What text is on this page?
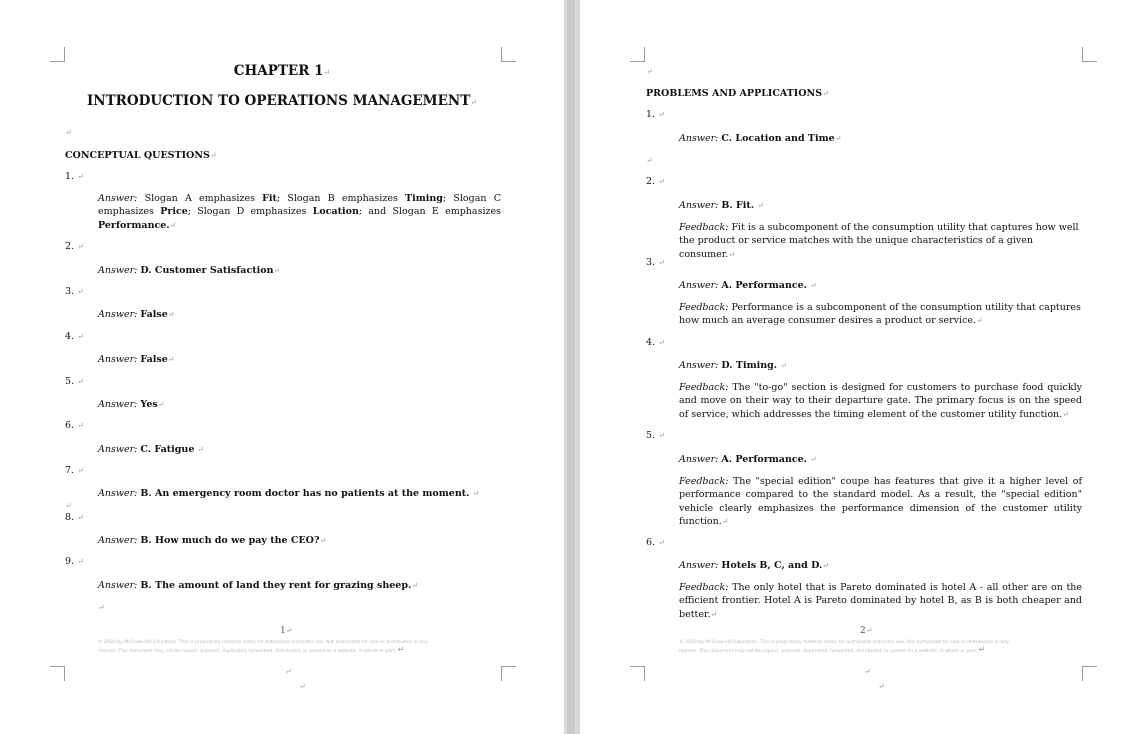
CHAPTER 1↵
INTRODUCTION TO OPERATIONS MANAGEMENT↵
↵
CONCEPTUAL QUESTIONS↵
1. ↵
Answer: Slogan A emphasizes Fit; Slogan B emphasizes Timing; Slogan C emphasizes Price; Slogan D emphasizes Location; and Slogan E emphasizes Performance.↵
2. ↵
Answer: D. Customer Satisfaction↵
3. ↵
Answer: False↵
4. ↵
Answer: False↵
5. ↵
Answer: Yes↵
6. ↵
Answer: C. Fatigue ↵
7. ↵
Answer: B. An emergency room doctor has no patients at the moment. ↵
↵
8. ↵
Answer: B. How much do we pay the CEO?↵
9. ↵
Answer: B. The amount of land they rent for grazing sheep.↵
↵
1↵
© 2020 by McGraw-Hill Education. This is proprietary material solely for authorized instructor use. Not authorized for sale or distribution in any
manner. This document may not be copied, scanned, duplicated, forwarded, distributed, or posted on a website, in whole or part. ↵
↵
↵
↵
PROBLEMS AND APPLICATIONS↵
1. ↵
Answer: C. Location and Time↵
↵
2. ↵
Answer: B. Fit. ↵
Feedback: Fit is a subcomponent of the consumption utility that captures how well the product or service matches with the unique characteristics of a given consumer.↵
3. ↵
Answer: A. Performance. ↵
Feedback: Performance is a subcomponent of the consumption utility that captures how much an average consumer desires a product or service.↵
4. ↵
Answer: D. Timing. ↵
Feedback: The "to-go" section is designed for customers to purchase food quickly and move on their way to their departure gate. The primary focus is on the speed of service, which addresses the timing element of the customer utility function.↵
5. ↵
Answer: A. Performance. ↵
Feedback: The "special edition" coupe has features that give it a higher level of performance compared to the standard model. As a result, the "special edition" vehicle clearly emphasizes the performance dimension of the customer utility function.↵
6. ↵
Answer: Hotels B, C, and D.↵
Feedback: The only hotel that is Pareto dominated is hotel A - all other are on the efficient frontier. Hotel A is Pareto dominated by hotel B, as B is both cheaper and better.↵
2↵
© 2020 by McGraw-Hill Education. This is proprietary material solely for authorized instructor use. Not authorized for sale or distribution in any
manner. This document may not be copied, scanned, duplicated, forwarded, distributed, or posted on a website, in whole or part. ↵
↵
↵
